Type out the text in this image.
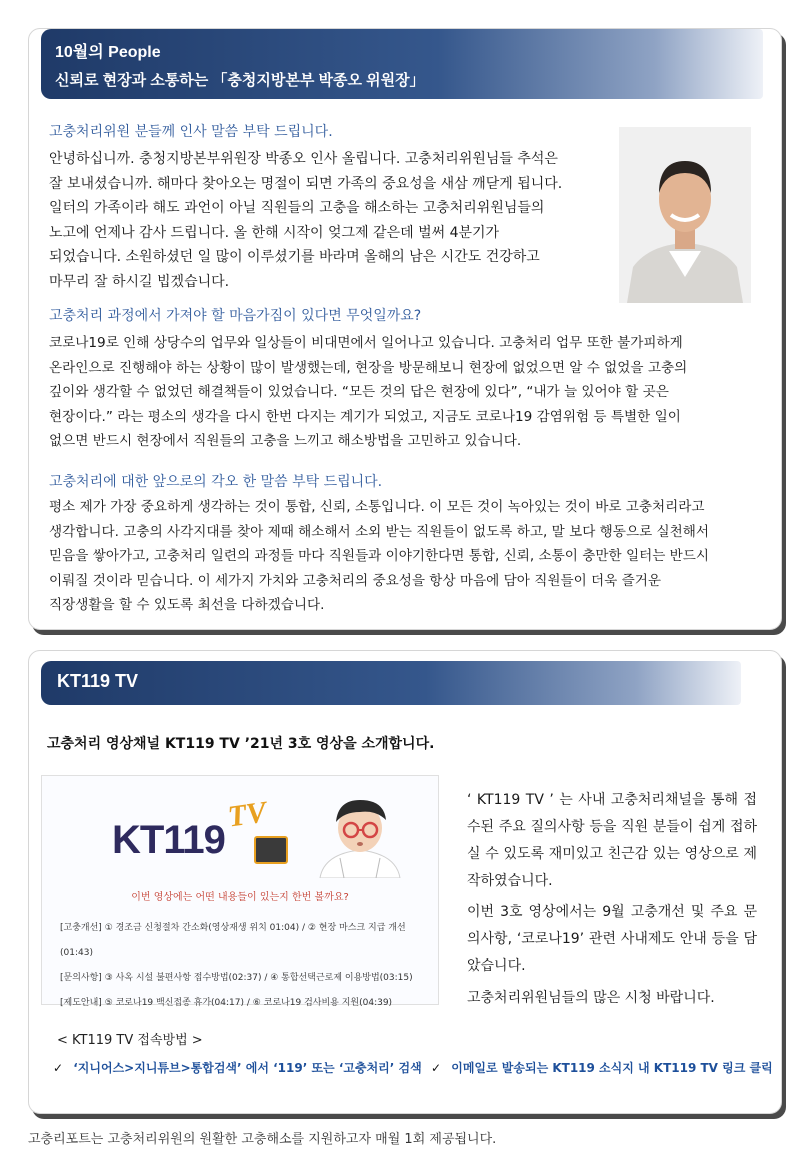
10월의 People
신뢰로 현장과 소통하는 「충청지방본부 박종오 위원장」
고충처리위원 분들께 인사 말씀 부탁 드립니다.
안녕하십니까. 충청지방본부위원장 박종오 인사 올립니다. 고충처리위원님들 추석은
잘 보내셨습니까. 해마다 찾아오는 명절이 되면 가족의 중요성을 새삼 깨닫게 됩니다.
일터의 가족이라 해도 과언이 아닐 직원들의 고충을 해소하는 고충처리위원님들의
노고에 언제나 감사 드립니다. 올 한해 시작이 엊그제 같은데 벌써 4분기가
되었습니다. 소원하셨던 일 많이 이루셨기를 바라며 올해의 남은 시간도 건강하고
마무리 잘 하시길 빕겠습니다.
고충처리 과정에서 가져야 할 마음가짐이 있다면 무엇일까요?
코로나19로 인해 상당수의 업무와 일상들이 비대면에서 일어나고 있습니다. 고충처리 업무 또한 불가피하게
온라인으로 진행해야 하는 상황이 많이 발생했는데, 현장을 방문해보니 현장에 없었으면 알 수 없었을 고충의
깊이와 생각할 수 없었던 해결책들이 있었습니다. “모든 것의 답은 현장에 있다”, “내가 늘 있어야 할 곳은
현장이다.” 라는 평소의 생각을 다시 한번 다지는 계기가 되었고, 지금도 코로나19 감염위험 등 특별한 일이
없으면 반드시 현장에서 직원들의 고충을 느끼고 해소방법을 고민하고 있습니다.
고충처리에 대한 앞으로의 각오 한 말씀 부탁 드립니다.
평소 제가 가장 중요하게 생각하는 것이 통합, 신뢰, 소통입니다. 이 모든 것이 녹아있는 것이 바로 고충처리라고
생각합니다. 고충의 사각지대를 찾아 제때 해소해서 소외 받는 직원들이 없도록 하고, 말 보다 행동으로 실천해서
믿음을 쌓아가고, 고충처리 일련의 과정들 마다 직원들과 이야기한다면 통합, 신뢰, 소통이 충만한 일터는 반드시
이뤄질 것이라 믿습니다. 이 세가지 가치와 고충처리의 중요성을 항상 마음에 담아 직원들이 더욱 즐거운
직장생활을 할 수 있도록 최선을 다하겠습니다.
KT119 TV
고충처리 영상채널 KT119 TV ’21년 3호 영상을 소개합니다.
KT119
TV
이번 영상에는 어떤 내용들이 있는지 한번 볼까요?
[고충개선] ① 경조금 신청절차 간소화(영상재생 위치 01:04) / ② 현장 마스크 지급 개선(01:43)
[문의사항] ③ 사옥 시설 불편사항 접수방법(02:37) / ④ 통합선택근로제 이용방법(03:15)
[제도안내] ⑤ 코로나19 백신접종 휴가(04:17) / ⑥ 코로나19 검사비용 지원(04:39)
‘ KT119 TV ’ 는 사내 고충처리채널을 통해 접수된 주요 질의사항 등을 직원 분들이 쉽게 접하실 수 있도록 재미있고 친근감 있는 영상으로 제작하였습니다.
이번 3호 영상에서는 9월 고충개선 및 주요 문의사항, ‘코로나19’ 관련 사내제도 안내 등을 담았습니다.
고충처리위원님들의 많은 시청 바랍니다.
< KT119 TV 접속방법 >
✓ ‘지니어스>지니튜브>통합검색’ 에서 ‘119’ 또는 ‘고충처리’ 검색 ✓ 이메일로 발송되는 KT119 소식지 내 KT119 TV 링크 클릭
고충리포트는 고충처리위원의 원활한 고충해소를 지원하고자 매월 1회 제공됩니다.
